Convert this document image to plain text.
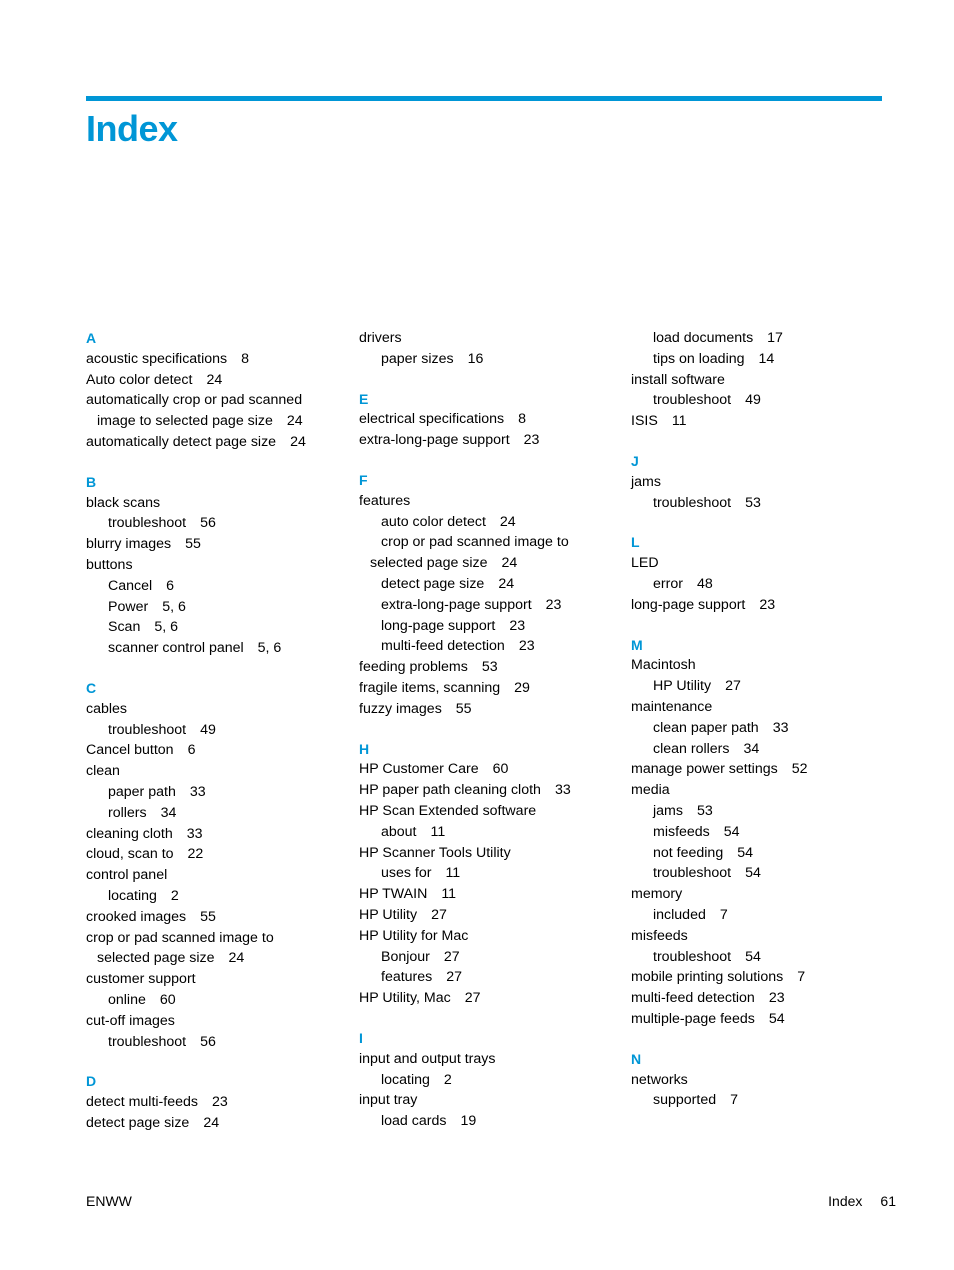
Index
A
acoustic specifications 8
Auto color detect 24
automatically crop or pad scanned
image to selected page size 24
automatically detect page size 24
B
black scans
troubleshoot 56
blurry images 55
buttons
Cancel 6
Power 5, 6
Scan 5, 6
scanner control panel 5, 6
C
cables
troubleshoot 49
Cancel button 6
clean
paper path 33
rollers 34
cleaning cloth 33
cloud, scan to 22
control panel
locating 2
crooked images 55
crop or pad scanned image to
selected page size 24
customer support
online 60
cut-off images
troubleshoot 56
D
detect multi-feeds 23
detect page size 24
drivers
paper sizes 16
E
electrical specifications 8
extra-long-page support 23
F
features
auto color detect 24
crop or pad scanned image to
selected page size 24
detect page size 24
extra-long-page support 23
long-page support 23
multi-feed detection 23
feeding problems 53
fragile items, scanning 29
fuzzy images 55
H
HP Customer Care 60
HP paper path cleaning cloth 33
HP Scan Extended software
about 11
HP Scanner Tools Utility
uses for 11
HP TWAIN 11
HP Utility 27
HP Utility for Mac
Bonjour 27
features 27
HP Utility, Mac 27
I
input and output trays
locating 2
input tray
load cards 19
load documents 17
tips on loading 14
install software
troubleshoot 49
ISIS 11
J
jams
troubleshoot 53
L
LED
error 48
long-page support 23
M
Macintosh
HP Utility 27
maintenance
clean paper path 33
clean rollers 34
manage power settings 52
media
jams 53
misfeeds 54
not feeding 54
troubleshoot 54
memory
included 7
misfeeds
troubleshoot 54
mobile printing solutions 7
multi-feed detection 23
multiple-page feeds 54
N
networks
supported 7
ENWW	Index 61
